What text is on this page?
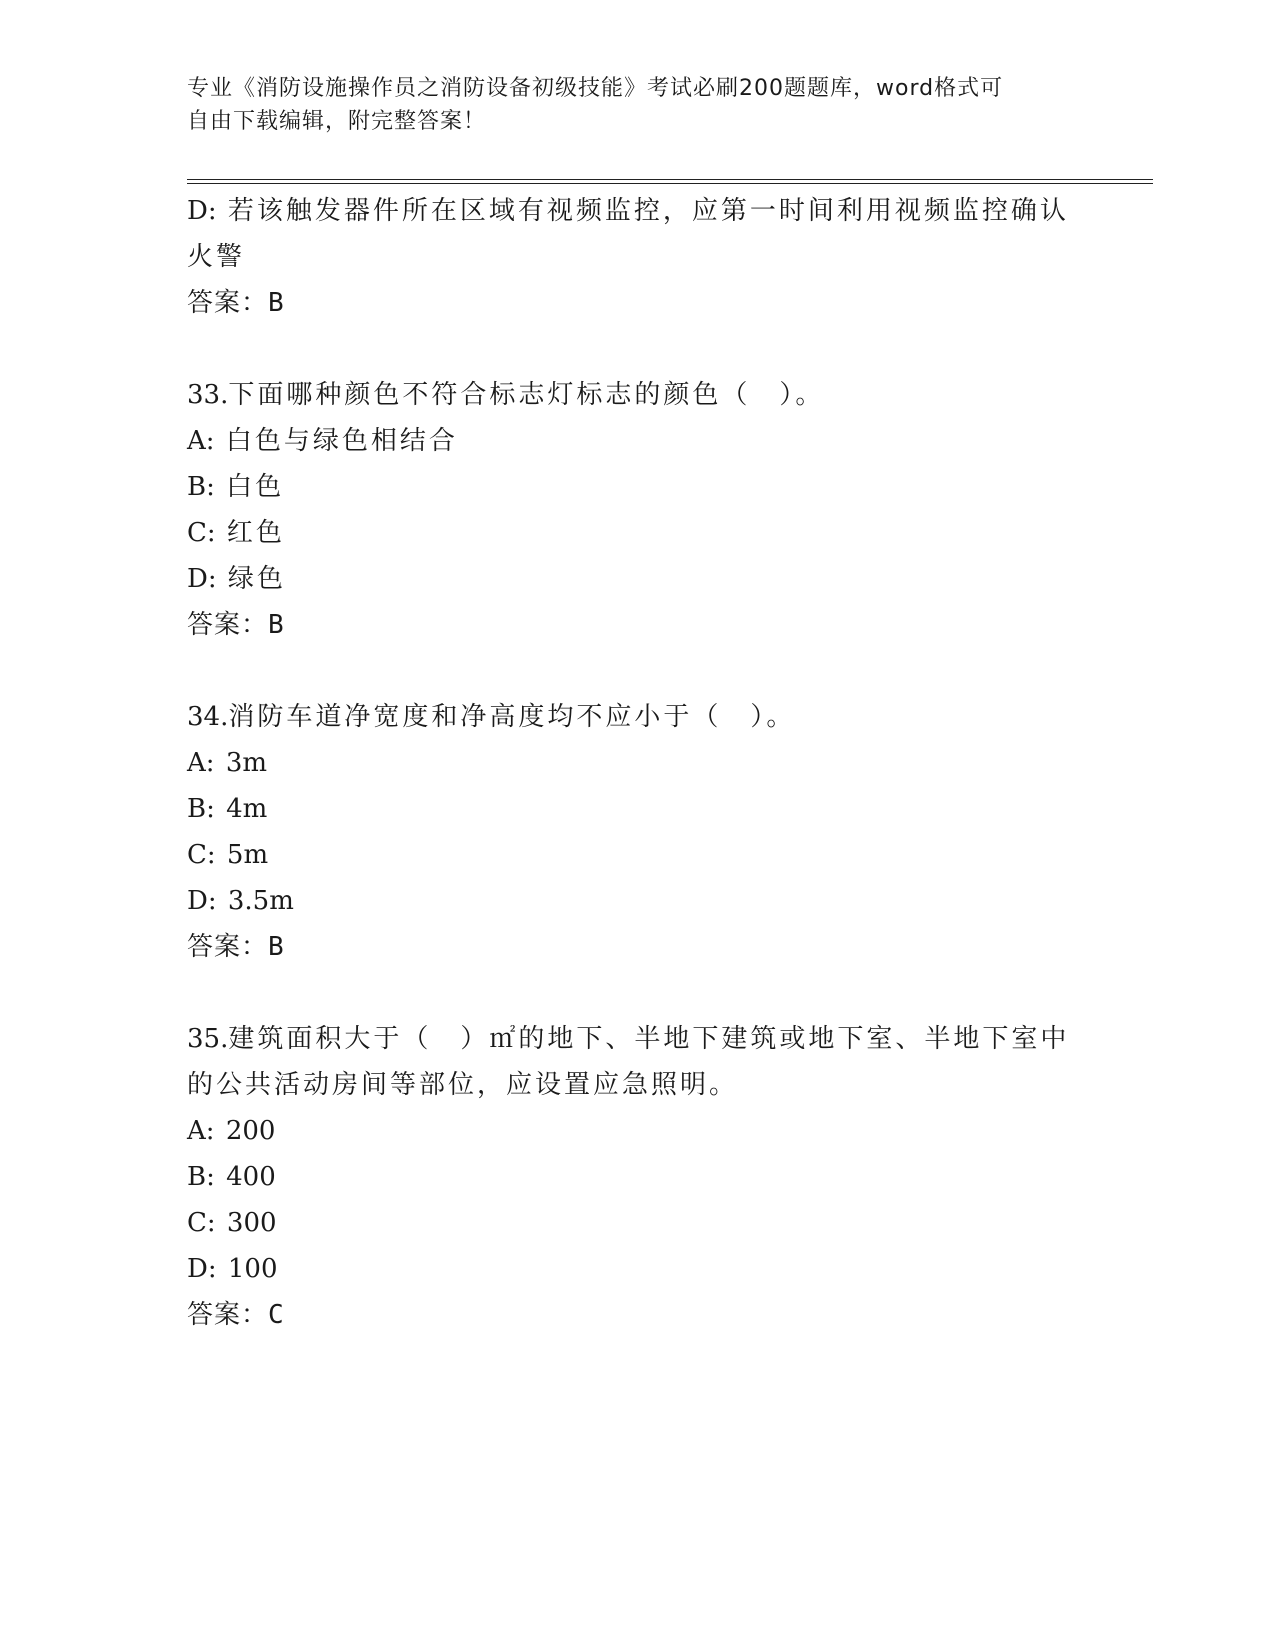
专业《消防设施操作员之消防设备初级技能》考试必刷200题题库，word格式可
自由下载编辑，附完整答案！
D: 若该触发器件所在区域有视频监控，应第一时间利用视频监控确认
火警
答案：B
33.下面哪种颜色不符合标志灯标志的颜色（　）。
A: 白色与绿色相结合
B: 白色
C: 红色
D: 绿色
答案：B
34.消防车道净宽度和净高度均不应小于（　）。
A: 3m
B: 4m
C: 5m
D: 3.5m
答案：B
35.建筑面积大于（　）㎡的地下、半地下建筑或地下室、半地下室中
的公共活动房间等部位，应设置应急照明。
A: 200
B: 400
C: 300
D: 100
答案：C
